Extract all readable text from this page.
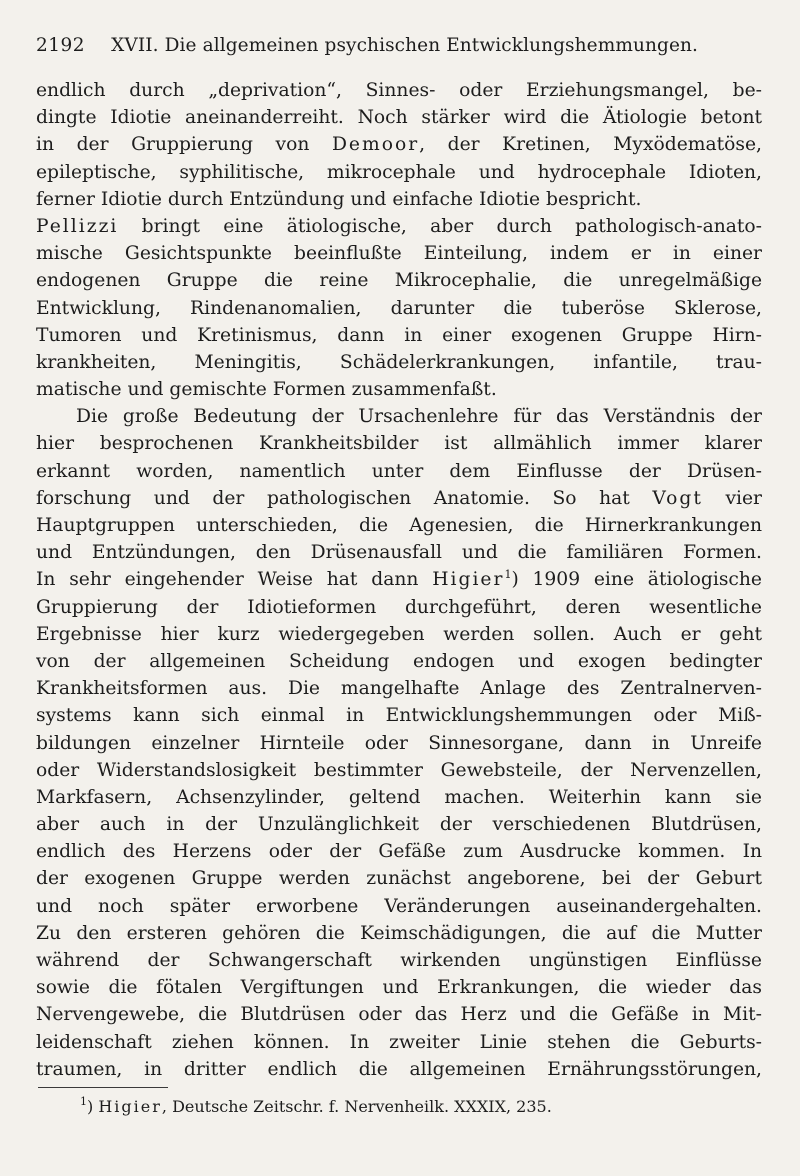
2192 XVII. Die allgemeinen psychischen Entwicklungshemmungen.
endlich durch „deprivation“, Sinnes- oder Erziehungsmangel, be-
dingte Idiotie aneinanderreiht. Noch stärker wird die Ätiologie betont
in der Gruppierung von Demoor, der Kretinen, Myxödematöse,
epileptische, syphilitische, mikrocephale und hydrocephale Idioten,
ferner Idiotie durch Entzündung und einfache Idiotie bespricht.
Pellizzi bringt eine ätiologische, aber durch pathologisch-anato-
mische Gesichtspunkte beeinflußte Einteilung, indem er in einer
endogenen Gruppe die reine Mikrocephalie, die unregelmäßige
Entwicklung, Rindenanomalien, darunter die tuberöse Sklerose,
Tumoren und Kretinismus, dann in einer exogenen Gruppe Hirn-
krankheiten, Meningitis, Schädelerkrankungen, infantile, trau-
matische und gemischte Formen zusammenfaßt.
Die große Bedeutung der Ursachenlehre für das Verständnis der
hier besprochenen Krankheitsbilder ist allmählich immer klarer
erkannt worden, namentlich unter dem Einflusse der Drüsen-
forschung und der pathologischen Anatomie. So hat Vogt vier
Hauptgruppen unterschieden, die Agenesien, die Hirnerkrankungen
und Entzündungen, den Drüsenausfall und die familiären Formen.
In sehr eingehender Weise hat dann Higier$^1$) 1909 eine ätiologische
Gruppierung der Idiotieformen durchgeführt, deren wesentliche
Ergebnisse hier kurz wiedergegeben werden sollen. Auch er geht
von der allgemeinen Scheidung endogen und exogen bedingter
Krankheitsformen aus. Die mangelhafte Anlage des Zentralnerven-
systems kann sich einmal in Entwicklungshemmungen oder Miß-
bildungen einzelner Hirnteile oder Sinnesorgane, dann in Unreife
oder Widerstandslosigkeit bestimmter Gewebsteile, der Nervenzellen,
Markfasern, Achsenzylinder, geltend machen. Weiterhin kann sie
aber auch in der Unzulänglichkeit der verschiedenen Blutdrüsen,
endlich des Herzens oder der Gefäße zum Ausdrucke kommen. In
der exogenen Gruppe werden zunächst angeborene, bei der Geburt
und noch später erworbene Veränderungen auseinandergehalten.
Zu den ersteren gehören die Keimschädigungen, die auf die Mutter
während der Schwangerschaft wirkenden ungünstigen Einflüsse
sowie die fötalen Vergiftungen und Erkrankungen, die wieder das
Nervengewebe, die Blutdrüsen oder das Herz und die Gefäße in Mit-
leidenschaft ziehen können. In zweiter Linie stehen die Geburts-
traumen, in dritter endlich die allgemeinen Ernährungsstörungen,
$^1$) Higier, Deutsche Zeitschr. f. Nervenheilk. XXXIX, 235.
